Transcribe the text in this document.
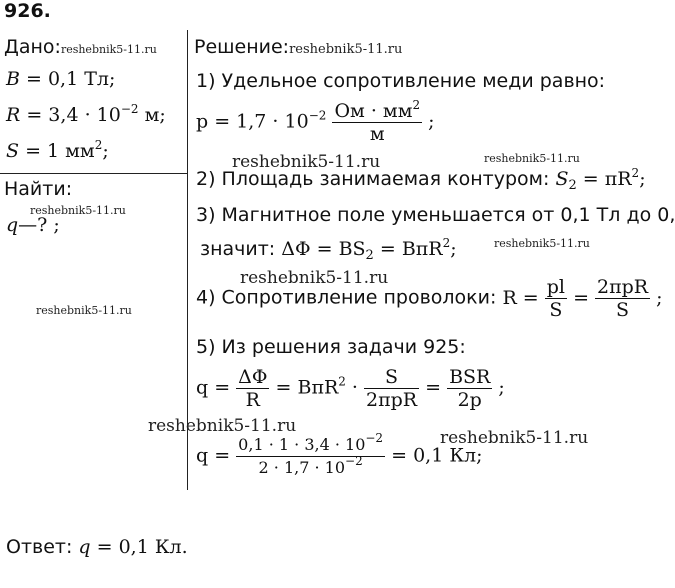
926.
Дано:reshebnik5-11.ru
B = 0,1 Тл;
$R = 3,4 \cdot 10^{-2}$ м;
S = 1 $мм^2$;
Найти:
reshebnik5-11.ru
q—? ;
reshebnik5-11.ru
Решение:reshebnik5-11.ru
1) Удельное сопротивление меди равно:
$p = 1,7 \cdot 10^{-2} \frac{Ом \cdot мм^2}{м}$ ;
reshebnik5-11.ru	reshebnik5-11.ru
2) Площадь занимаемая контуром: $S_2 = \pi R^2$;
3) Магнитное поле уменьшается от 0,1 Тл до 0,
значит: $\Delta\Phi = BS_2 = B\pi R^2$;	reshebnik5-11.ru
reshebnik5-11.ru
4) Сопротивление проволоки: $R = \frac{pl}{S} = \frac{\text{2πpR}}{S}$ ;
5) Из решения задачи 925:
$q = \frac{\Delta\Phi}{R} = B\pi R^2 \cdot \frac{S}{\text{2πpR}} = \frac{\text{BSR}}{2p}$ ;
reshebnik5-11.ru
reshebnik5-11.ru
$q = \frac{0,1 \cdot 1 \cdot 3,4 \cdot 10^{-2}}{2 \cdot 1,7 \cdot 10^{-2}} = 0,1$ Кл;
Ответ: q = 0,1 Кл.
